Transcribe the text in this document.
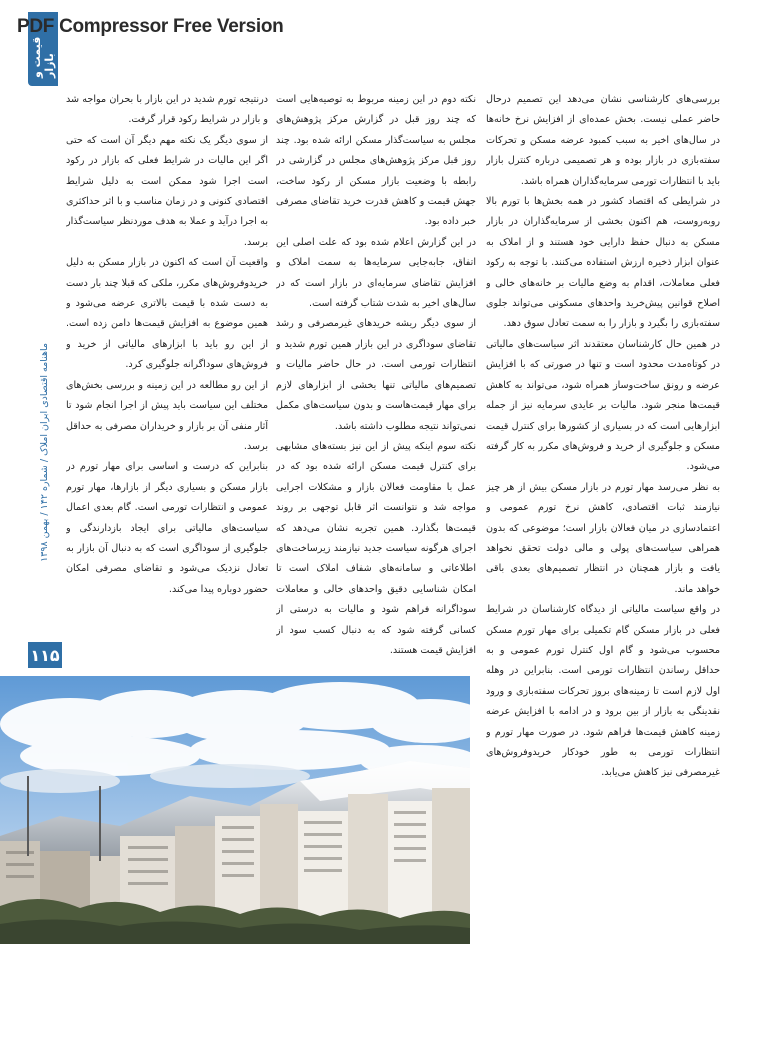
PDF Compressor Free Version
قیمت و بازار
ماهنامه اقتصادی ابران املاک / شماره ۱۴۲ / بهمن ۱۳۹۸
۱۱۵

بررسی‌های کارشناسی نشان می‌دهد این تصمیم درحال حاضر عملی نیست. بخش عمده‌ای از افزایش نرخ خانه‌ها در سال‌های اخیر به سبب کمبود عرضه مسکن و تحرکات سفته‌بازی در بازار بوده و هر تصمیمی درباره کنترل بازار باید با انتظارات تورمی سرمایه‌گذاران همراه باشد.

در شرایطی که اقتصاد کشور در همه بخش‌ها با تورم بالا روبه‌روست، هم اکنون بخشی از سرمایه‌گذاران در بازار مسکن به دنبال حفظ دارایی خود هستند و از املاک به عنوان ابزار ذخیره ارزش استفاده می‌کنند. با توجه به رکود فعلی معاملات، اقدام به وضع مالیات بر خانه‌های خالی و اصلاح قوانین پیش‌خرید واحدهای مسکونی می‌تواند جلوی سفته‌بازی را بگیرد و بازار را به سمت تعادل سوق دهد.

در همین حال کارشناسان معتقدند اثر سیاست‌های مالیاتی در کوتاه‌مدت محدود است و تنها در صورتی که با افزایش عرضه و رونق ساخت‌وساز همراه شود، می‌تواند به کاهش قیمت‌ها منجر شود. مالیات بر عایدی سرمایه نیز از جمله ابزارهایی است که در بسیاری از کشورها برای کنترل قیمت مسکن و جلوگیری از خرید و فروش‌های مکرر به کار گرفته می‌شود.

به نظر می‌رسد مهار تورم در بازار مسکن بیش از هر چیز نیازمند ثبات اقتصادی، کاهش نرخ تورم عمومی و اعتمادسازی در میان فعالان بازار است؛ موضوعی که بدون همراهی سیاست‌های پولی و مالی دولت تحقق نخواهد یافت و بازار همچنان در انتظار تصمیم‌های بعدی باقی خواهد ماند.

در واقع سیاست مالیاتی از دیدگاه کارشناسان در شرایط فعلی در بازار مسکن گام تکمیلی برای مهار تورم مسکن محسوب می‌شود و گام اول کنترل تورم عمومی و به حداقل رساندن انتظارات تورمی است. بنابراین در وهله اول لازم است تا زمینه‌های بروز تحرکات سفته‌بازی و ورود نقدینگی به بازار از بین برود و در ادامه با افزایش عرضه زمینه کاهش قیمت‌ها فراهم شود. در صورت مهار تورم و انتظارات تورمی به طور خودکار خریدوفروش‌های غیرمصرفی نیز کاهش می‌یابد.

نکته دوم در این زمینه مربوط به توصیه‌هایی است که چند روز قبل در گزارش مرکز پژوهش‌های مجلس به سیاست‌گذار مسکن ارائه شده بود. چند روز قبل مرکز پژوهش‌های مجلس در گزارشی در رابطه با وضعیت بازار مسکن از رکود ساخت، جهش قیمت و کاهش قدرت خرید تقاضای مصرفی خبر داده بود.

در این گزارش اعلام شده بود که علت اصلی این اتفاق، جابه‌جایی سرمایه‌ها به سمت املاک و افزایش تقاضای سرمایه‌ای در بازار است که در سال‌های اخیر به شدت شتاب گرفته است.

از سوی دیگر ریشه خریدهای غیرمصرفی و رشد تقاضای سوداگری در این بازار همین تورم شدید و انتظارات تورمی است. در حال حاضر مالیات و تصمیم‌های مالیاتی تنها بخشی از ابزارهای لازم برای مهار قیمت‌هاست و بدون سیاست‌های مکمل نمی‌تواند نتیجه مطلوب داشته باشد.

نکته سوم اینکه پیش از این نیز بسته‌های مشابهی برای کنترل قیمت مسکن ارائه شده بود که در عمل با مقاومت فعالان بازار و مشکلات اجرایی مواجه شد و نتوانست اثر قابل توجهی بر روند قیمت‌ها بگذارد. همین تجربه نشان می‌دهد که اجرای هرگونه سیاست جدید نیازمند زیرساخت‌های اطلاعاتی و سامانه‌های شفاف املاک است تا امکان شناسایی دقیق واحدهای خالی و معاملات سوداگرانه فراهم شود و مالیات به درستی از کسانی گرفته شود که به دنبال کسب سود از افزایش قیمت هستند.

درنتیجه تورم شدید در این بازار با بحران مواجه شد و بازار در شرایط رکود قرار گرفت.

از سوی دیگر یک نکته مهم دیگر آن است که حتی اگر این مالیات در شرایط فعلی که بازار در رکود است اجرا شود ممکن است به دلیل شرایط اقتصادی کنونی و در زمان مناسب و با اثر حداکثری به اجرا درآید و عملا به هدف موردنظر سیاست‌گذار برسد.

واقعیت آن است که اکنون در بازار مسکن به دلیل خریدوفروش‌های مکرر، ملکی که قبلا چند بار دست به دست شده با قیمت بالاتری عرضه می‌شود و همین موضوع به افزایش قیمت‌ها دامن زده است. از این رو باید با ابزارهای مالیاتی از خرید و فروش‌های سوداگرانه جلوگیری کرد.

از این رو مطالعه در این زمینه و بررسی بخش‌های مختلف این سیاست باید پیش از اجرا انجام شود تا آثار منفی آن بر بازار و خریداران مصرفی به حداقل برسد.

بنابراین که درست و اساسی برای مهار تورم در بازار مسکن و بسیاری دیگر از بازارها، مهار تورم عمومی و انتظارات تورمی است. گام بعدی اعمال سیاست‌های مالیاتی برای ایجاد بازدارندگی و جلوگیری از سوداگری است که به دنبال آن بازار به تعادل نزدیک می‌شود و تقاضای مصرفی امکان حضور دوباره پیدا می‌کند.
